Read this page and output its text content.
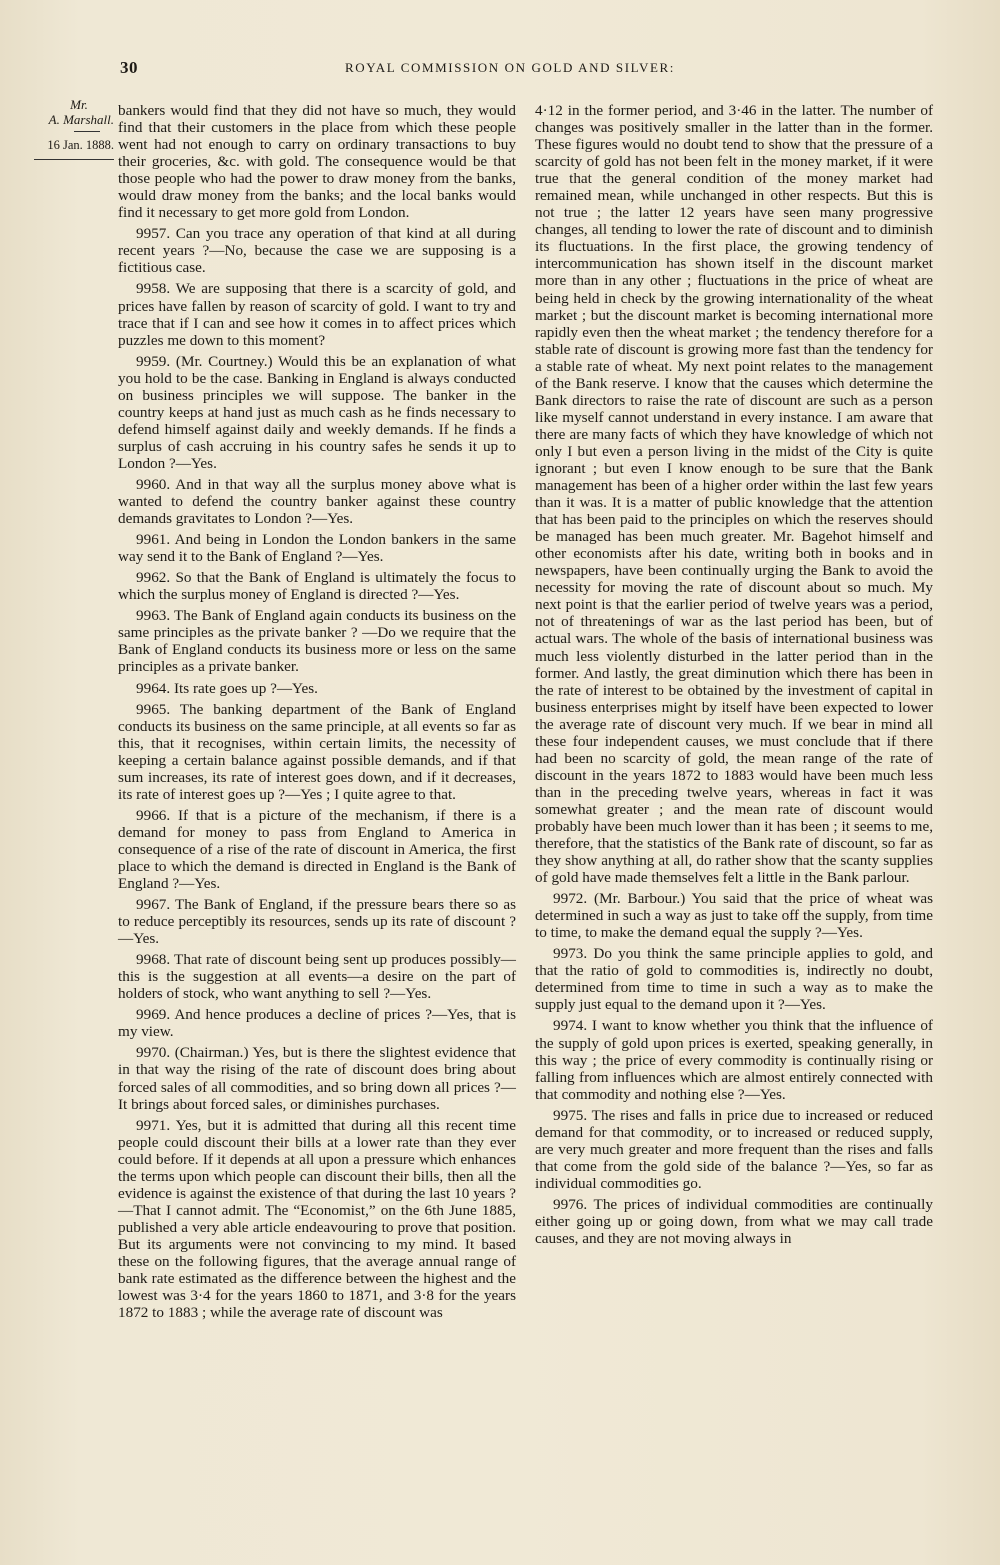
30	ROYAL COMMISSION ON GOLD AND SILVER:
Mr.
A. Marshall.
16 Jan. 1888.

bankers would find that they did not have so much, they would find that their customers in the place from which these people went had not enough to carry on ordinary transactions to buy their groceries, &c. with gold. The consequence would be that those people who had the power to draw money from the banks, would draw money from the banks; and the local banks would find it necessary to get more gold from London.

9957. Can you trace any operation of that kind at all during recent years ?—No, because the case we are supposing is a fictitious case.

9958. We are supposing that there is a scarcity of gold, and prices have fallen by reason of scarcity of gold. I want to try and trace that if I can and see how it comes in to affect prices which puzzles me down to this moment?

9959. (Mr. Courtney.) Would this be an explanation of what you hold to be the case. Banking in England is always conducted on business principles we will suppose. The banker in the country keeps at hand just as much cash as he finds necessary to defend himself against daily and weekly demands. If he finds a surplus of cash accruing in his country safes he sends it up to London ?—Yes.

9960. And in that way all the surplus money above what is wanted to defend the country banker against these country demands gravitates to London ?—Yes.

9961. And being in London the London bankers in the same way send it to the Bank of England ?—Yes.

9962. So that the Bank of England is ultimately the focus to which the surplus money of England is directed ?—Yes.

9963. The Bank of England again conducts its business on the same principles as the private banker ? —Do we require that the Bank of England conducts its business more or less on the same principles as a private banker.

9964. Its rate goes up ?—Yes.

9965. The banking department of the Bank of England conducts its business on the same principle, at all events so far as this, that it recognises, within certain limits, the necessity of keeping a certain balance against possible demands, and if that sum increases, its rate of interest goes down, and if it decreases, its rate of interest goes up ?—Yes ; I quite agree to that.

9966. If that is a picture of the mechanism, if there is a demand for money to pass from England to America in consequence of a rise of the rate of discount in America, the first place to which the demand is directed in England is the Bank of England ?—Yes.

9967. The Bank of England, if the pressure bears there so as to reduce perceptibly its resources, sends up its rate of discount ?—Yes.

9968. That rate of discount being sent up produces possibly—this is the suggestion at all events—a desire on the part of holders of stock, who want anything to sell ?—Yes.

9969. And hence produces a decline of prices ?—Yes, that is my view.

9970. (Chairman.) Yes, but is there the slightest evidence that in that way the rising of the rate of discount does bring about forced sales of all commodities, and so bring down all prices ?—It brings about forced sales, or diminishes purchases.

9971. Yes, but it is admitted that during all this recent time people could discount their bills at a lower rate than they ever could before. If it depends at all upon a pressure which enhances the terms upon which people can discount their bills, then all the evidence is against the existence of that during the last 10 years ?—That I cannot admit. The “Economist,” on the 6th June 1885, published a very able article endeavouring to prove that position. But its arguments were not convincing to my mind. It based these on the following figures, that the average annual range of bank rate estimated as the difference between the highest and the lowest was 3·4 for the years 1860 to 1871, and 3·8 for the years 1872 to 1883 ; while the average rate of discount was

4·12 in the former period, and 3·46 in the latter. The number of changes was positively smaller in the latter than in the former. These figures would no doubt tend to show that the pressure of a scarcity of gold has not been felt in the money market, if it were true that the general condition of the money market had remained mean, while unchanged in other respects. But this is not true ; the latter 12 years have seen many progressive changes, all tending to lower the rate of discount and to diminish its fluctuations. In the first place, the growing tendency of intercommunication has shown itself in the discount market more than in any other ; fluctuations in the price of wheat are being held in check by the growing internationality of the wheat market ; but the discount market is becoming international more rapidly even then the wheat market ; the tendency therefore for a stable rate of discount is growing more fast than the tendency for a stable rate of wheat. My next point relates to the management of the Bank reserve. I know that the causes which determine the Bank directors to raise the rate of discount are such as a person like myself cannot understand in every instance. I am aware that there are many facts of which they have knowledge of which not only I but even a person living in the midst of the City is quite ignorant ; but even I know enough to be sure that the Bank management has been of a higher order within the last few years than it was. It is a matter of public knowledge that the attention that has been paid to the principles on which the reserves should be managed has been much greater. Mr. Bagehot himself and other economists after his date, writing both in books and in newspapers, have been continually urging the Bank to avoid the necessity for moving the rate of discount about so much. My next point is that the earlier period of twelve years was a period, not of threatenings of war as the last period has been, but of actual wars. The whole of the basis of international business was much less violently disturbed in the latter period than in the former. And lastly, the great diminution which there has been in the rate of interest to be obtained by the investment of capital in business enterprises might by itself have been expected to lower the average rate of discount very much. If we bear in mind all these four independent causes, we must conclude that if there had been no scarcity of gold, the mean range of the rate of discount in the years 1872 to 1883 would have been much less than in the preceding twelve years, whereas in fact it was somewhat greater ; and the mean rate of discount would probably have been much lower than it has been ; it seems to me, therefore, that the statistics of the Bank rate of discount, so far as they show anything at all, do rather show that the scanty supplies of gold have made themselves felt a little in the Bank parlour.

9972. (Mr. Barbour.) You said that the price of wheat was determined in such a way as just to take off the supply, from time to time, to make the demand equal the supply ?—Yes.

9973. Do you think the same principle applies to gold, and that the ratio of gold to commodities is, indirectly no doubt, determined from time to time in such a way as to make the supply just equal to the demand upon it ?—Yes.

9974. I want to know whether you think that the influence of the supply of gold upon prices is exerted, speaking generally, in this way ; the price of every commodity is continually rising or falling from influences which are almost entirely connected with that commodity and nothing else ?—Yes.

9975. The rises and falls in price due to increased or reduced demand for that commodity, or to increased or reduced supply, are very much greater and more frequent than the rises and falls that come from the gold side of the balance ?—Yes, so far as individual commodities go.

9976. The prices of individual commodities are continually either going up or going down, from what we may call trade causes, and they are not moving always in
